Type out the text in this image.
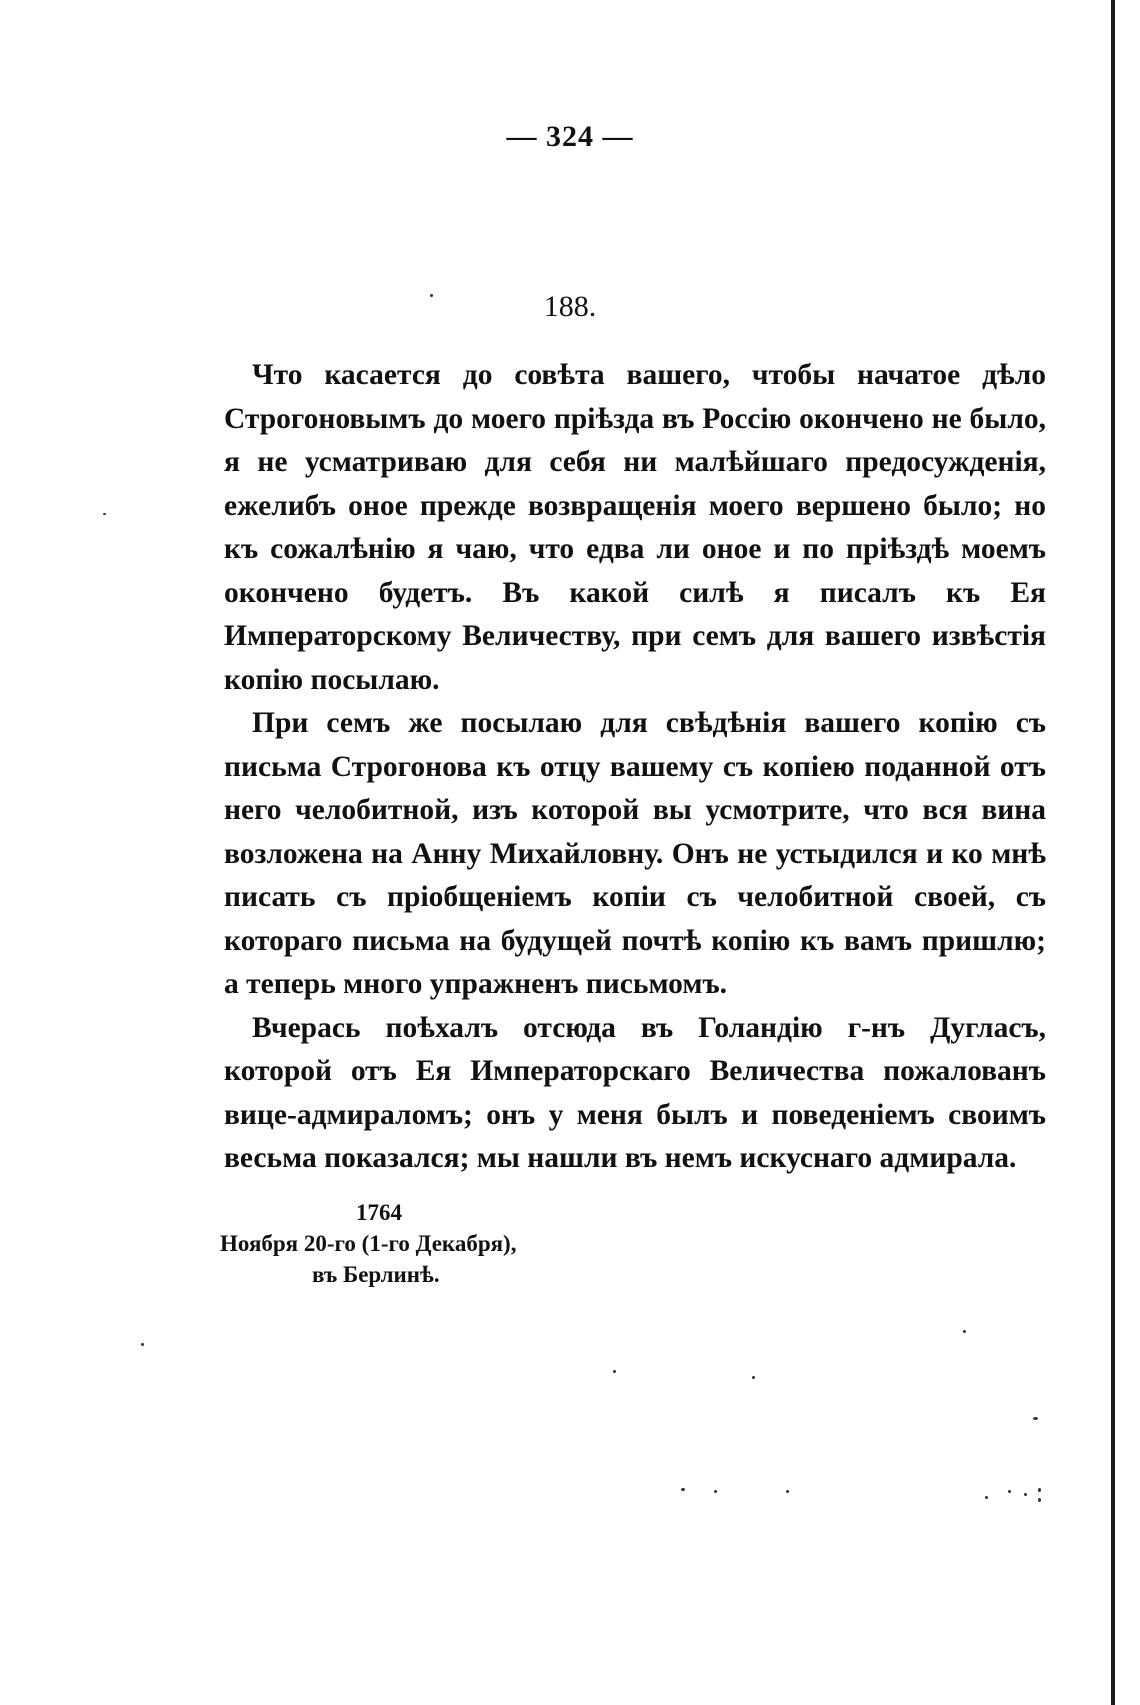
— 324 —
188.

Что касается до совѣта вашего, чтобы начатое дѣло Строгоновымъ до моего пріѣзда въ Россію окончено не было, я не усматриваю для себя ни малѣйшаго предосужденія, ежелибъ оное прежде возвращенія моего вершено было; но къ сожалѣнію я чаю, что едва ли оное и по пріѣздѣ моемъ окончено будетъ. Въ какой силѣ я писалъ къ Ея Императорскому Величеству, при семъ для вашего извѣстія копію посылаю.

При семъ же посылаю для свѣдѣнія вашего копію съ письма Строгонова къ отцу вашему съ копіею поданной отъ него челобитной, изъ которой вы усмотрите, что вся вина возложена на Анну Михайловну. Онъ не устыдился и ко мнѣ писать съ пріобщеніемъ копіи съ челобитной своей, съ котораго письма на будущей почтѣ копію къ вамъ пришлю; а теперь много упражненъ письмомъ.

Вчерась поѣхалъ отсюда въ Голандію г-нъ Дугласъ, которой отъ Ея Императорскаго Величества пожалованъ вице-адмираломъ; онъ у меня былъ и поведеніемъ своимъ весьма показался; мы нашли въ немъ искуснаго адмирала.

1764
Ноября 20-го (1-го Декабря),
въ Берлинѣ.
